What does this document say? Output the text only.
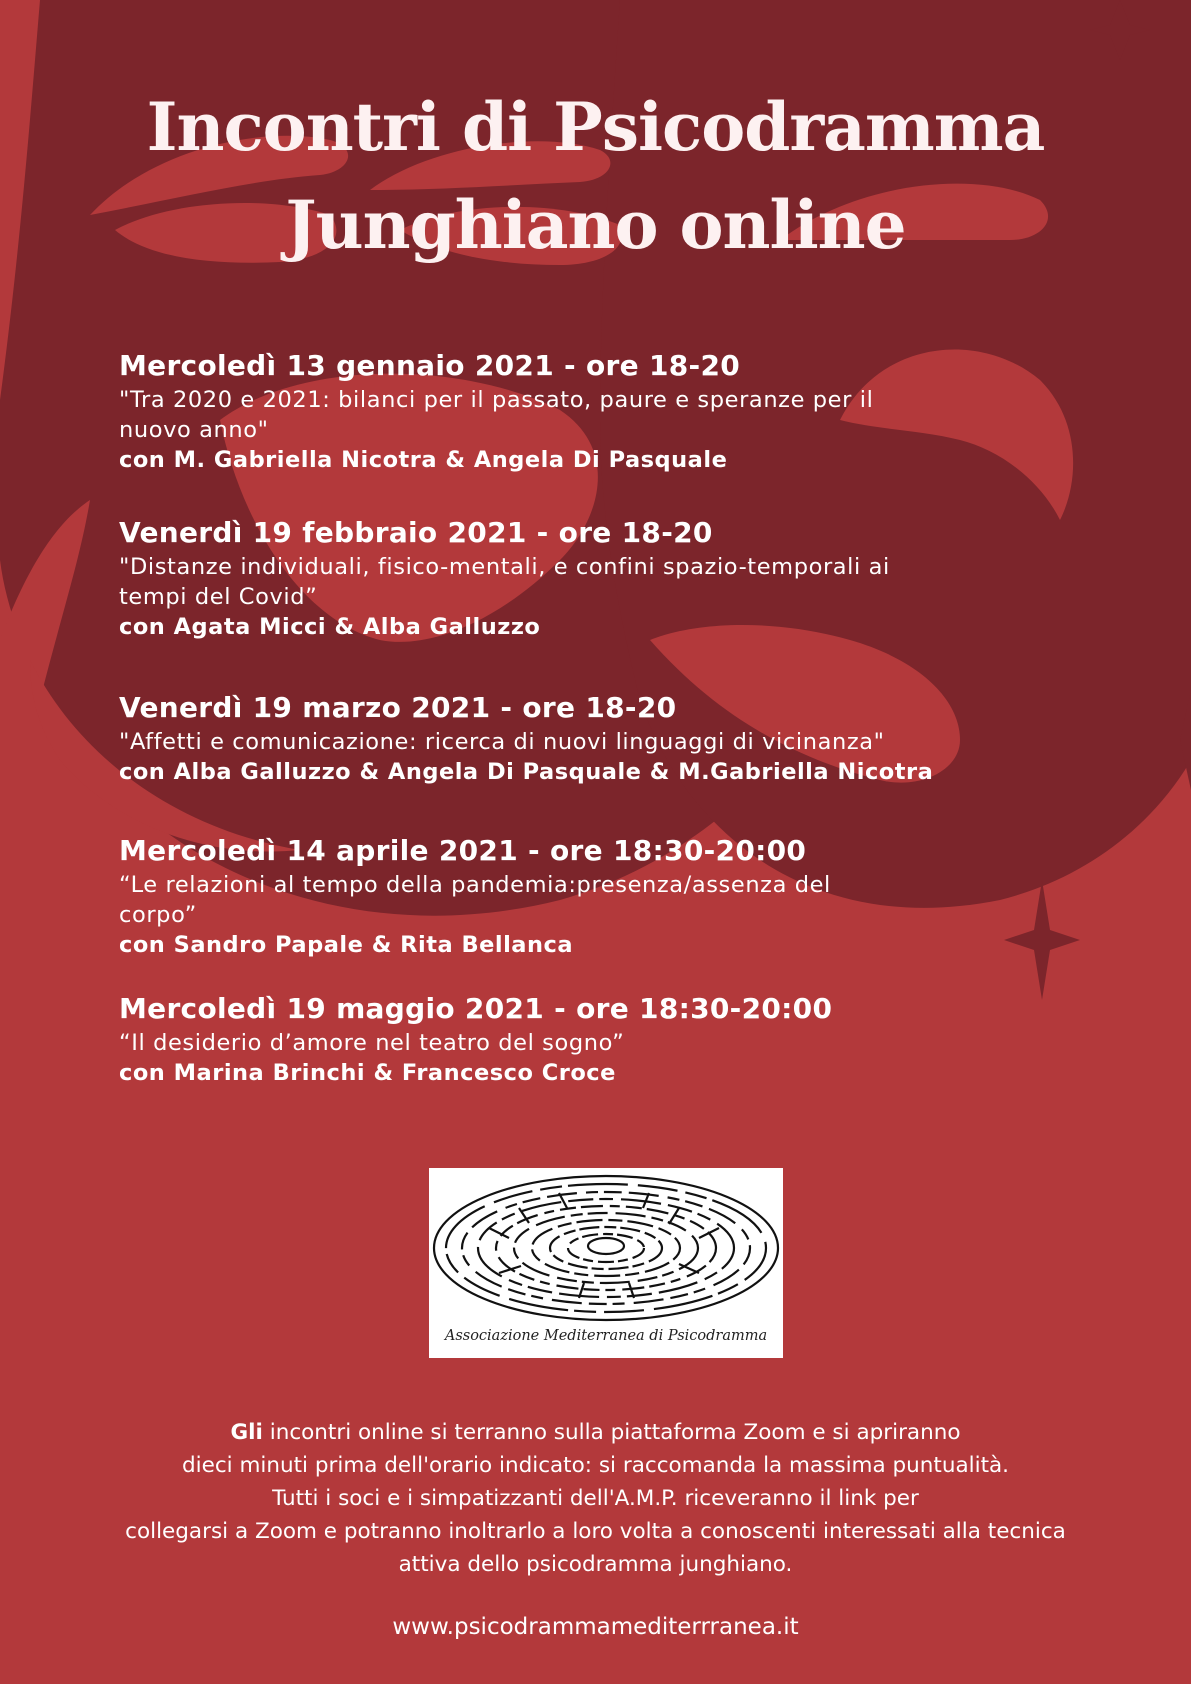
Incontri di Psicodramma
Junghiano online
Mercoledì 13 gennaio 2021 - ore 18-20
"Tra 2020 e 2021: bilanci per il passato, paure e speranze per il
nuovo anno"
con M. Gabriella Nicotra & Angela Di Pasquale
Venerdì 19 febbraio 2021 - ore 18-20
"Distanze individuali, fisico-mentali, e confini spazio-temporali ai
tempi del Covid”
con Agata Micci & Alba Galluzzo
Venerdì 19 marzo 2021 - ore 18-20
"Affetti e comunicazione: ricerca di nuovi linguaggi di vicinanza"
con Alba Galluzzo & Angela Di Pasquale & M.Gabriella Nicotra
Mercoledì 14 aprile 2021 - ore 18:30-20:00
“Le relazioni al tempo della pandemia:presenza/assenza del
corpo”
con Sandro Papale & Rita Bellanca
Mercoledì 19 maggio 2021 - ore 18:30-20:00
“Il desiderio d’amore nel teatro del sogno”
con Marina Brinchi & Francesco Croce
Associazione Mediterranea di Psicodramma
Gli incontri online si terranno sulla piattaforma Zoom e si apriranno
dieci minuti prima dell'orario indicato: si raccomanda la massima puntualità.
Tutti i soci e i simpatizzanti dell'A.M.P. riceveranno il link per
collegarsi a Zoom e potranno inoltrarlo a loro volta a conoscenti interessati alla tecnica
attiva dello psicodramma junghiano.
www.psicodrammamediterrranea.it
